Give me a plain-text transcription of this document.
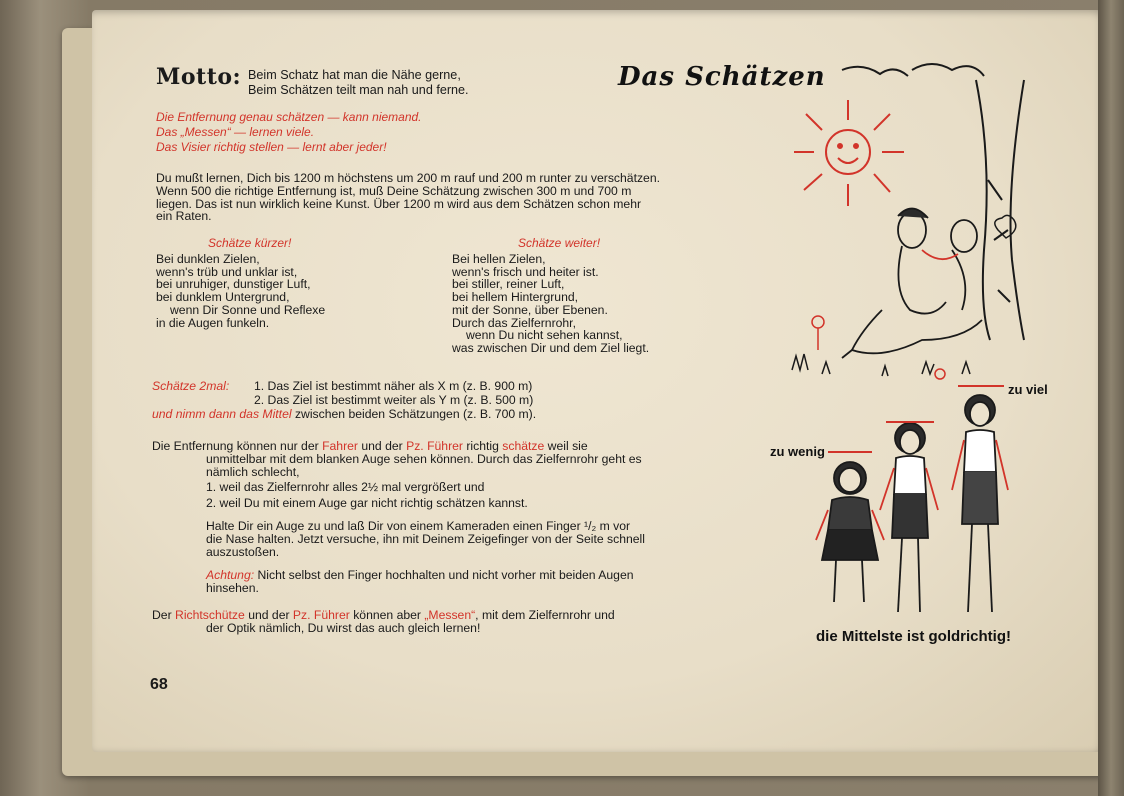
Motto: Beim Schatz hat man die Nähe gerne,
Beim Schätzen teilt man nah und ferne.	Das Schätzen
Die Entfernung genau schätzen — kann niemand.
Das „Messen“ — lernen viele.
Das Visier richtig stellen — lernt aber jeder!
Du mußt lernen, Dich bis 1200 m höchstens um 200 m rauf und 200 m runter zu verschätzen.
Wenn 500 die richtige Entfernung ist, muß Deine Schätzung zwischen 300 m und 700 m
liegen. Das ist nun wirklich keine Kunst. Über 1200 m wird aus dem Schätzen schon mehr
ein Raten.
Schätze kürzer!
Bei dunklen Zielen,
wenn's trüb und unklar ist,
bei unruhiger, dunstiger Luft,
bei dunklem Untergrund,
wenn Dir Sonne und Reflexe
in die Augen funkeln.
Schätze weiter!
Bei hellen Zielen,
wenn's frisch und heiter ist.
bei stiller, reiner Luft,
bei hellem Hintergrund,
mit der Sonne, über Ebenen.
Durch das Zielfernrohr,
wenn Du nicht sehen kannst,
was zwischen Dir und dem Ziel liegt.
Schätze 2mal: 1. Das Ziel ist bestimmt näher als X m (z. B. 900 m)
2. Das Ziel ist bestimmt weiter als Y m (z. B. 500 m)
und nimm dann das Mittel zwischen beiden Schätzungen (z. B. 700 m).
Die Entfernung können nur der Fahrer und der Pz. Führer richtig schätze weil sie
unmittelbar mit dem blanken Auge sehen können. Durch das Zielfernrohr geht es
nämlich schlecht,
1. weil das Zielfernrohr alles 2½ mal vergrößert und
2. weil Du mit einem Auge gar nicht richtig schätzen kannst.
Halte Dir ein Auge zu und laß Dir von einem Kameraden einen Finger ¹/₂ m vor
die Nase halten. Jetzt versuche, ihn mit Deinem Zeigefinger von der Seite schnell
auszustoßen.
Achtung: Nicht selbst den Finger hochhalten und nicht vorher mit beiden Augen
hinsehen.
Der Richtschütze und der Pz. Führer können aber „Messen“, mit dem Zielfernrohr und
der Optik nämlich, Du wirst das auch gleich lernen!
68
zu viel
zu wenig
die Mittelste ist goldrichtig!
